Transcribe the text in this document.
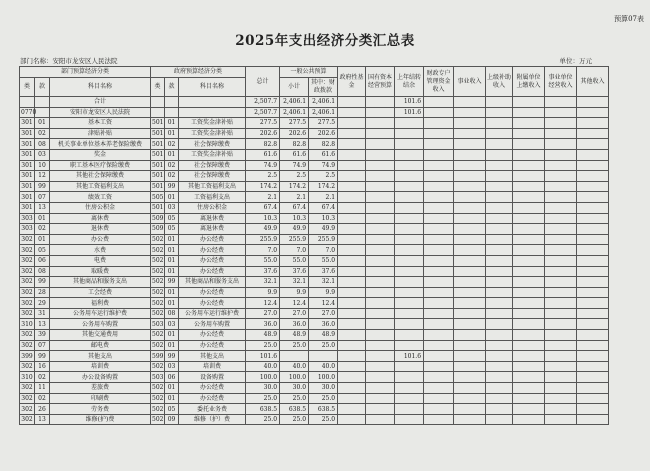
预算07表
2025年支出经济分类汇总表
部门名称：安阳市龙安区人民法院	单位：万元
部门预算经济分类			政府预算经济分类			总计	一般公共预算		政府性基金	国有资本经营预算	上年结转结余	财政专户管理资金收入	事业收入	上级补助收入	附属单位上缴收入	事业单位经营收入	其他收入
类	款	科目名称	类	款	科目名称		小计	其中：财政拨款									

		合计				2,507.7	2,406.1	2,406.1			101.6						
0770		安阳市龙安区人民法院				2,507.7	2,406.1	2,406.1			101.6						
301	01	基本工资	501	01	工资奖金津补贴	277.5	277.5	277.5									
301	02	津贴补贴	501	01	工资奖金津补贴	202.6	202.6	202.6									
301	08	机关事业单位基本养老保险缴费	501	02	社会保障缴费	82.8	82.8	82.8									
301	03	奖金	501	01	工资奖金津补贴	61.6	61.6	61.6									
301	10	职工基本医疗保险缴费	501	02	社会保障缴费	74.9	74.9	74.9									
301	12	其他社会保障缴费	501	02	社会保障缴费	2.5	2.5	2.5									
301	99	其他工资福利支出	501	99	其他工资福利支出	174.2	174.2	174.2									
301	07	绩效工资	505	01	工资福利支出	2.1	2.1	2.1									
301	13	住房公积金	501	03	住房公积金	67.4	67.4	67.4									
303	01	离休费	509	05	离退休费	10.3	10.3	10.3									
303	02	退休费	509	05	离退休费	49.9	49.9	49.9									
302	01	办公费	502	01	办公经费	255.9	255.9	255.9									
302	05	水费	502	01	办公经费	7.0	7.0	7.0									
302	06	电费	502	01	办公经费	55.0	55.0	55.0									
302	08	取暖费	502	01	办公经费	37.6	37.6	37.6									
302	99	其他商品和服务支出	502	99	其他商品和服务支出	32.1	32.1	32.1									
302	28	工会经费	502	01	办公经费	9.9	9.9	9.9									
302	29	福利费	502	01	办公经费	12.4	12.4	12.4									
302	31	公务用车运行维护费	502	08	公务用车运行维护费	27.0	27.0	27.0									
310	13	公务用车购置	503	03	公务用车购置	36.0	36.0	36.0									
302	39	其他交通费用	502	01	办公经费	48.9	48.9	48.9									
302	07	邮电费	502	01	办公经费	25.0	25.0	25.0									
399	99	其他支出	599	99	其他支出	101.6					101.6						
302	16	培训费	502	03	培训费	40.0	40.0	40.0									
310	02	办公设备购置	503	06	设备购置	100.0	100.0	100.0									
302	11	差旅费	502	01	办公经费	30.0	30.0	30.0									
302	02	印刷费	502	01	办公经费	25.0	25.0	25.0									
302	26	劳务费	502	05	委托业务费	638.5	638.5	638.5									
302	13	维修(护)费	502	09	维修（护）费	25.0	25.0	25.0									
